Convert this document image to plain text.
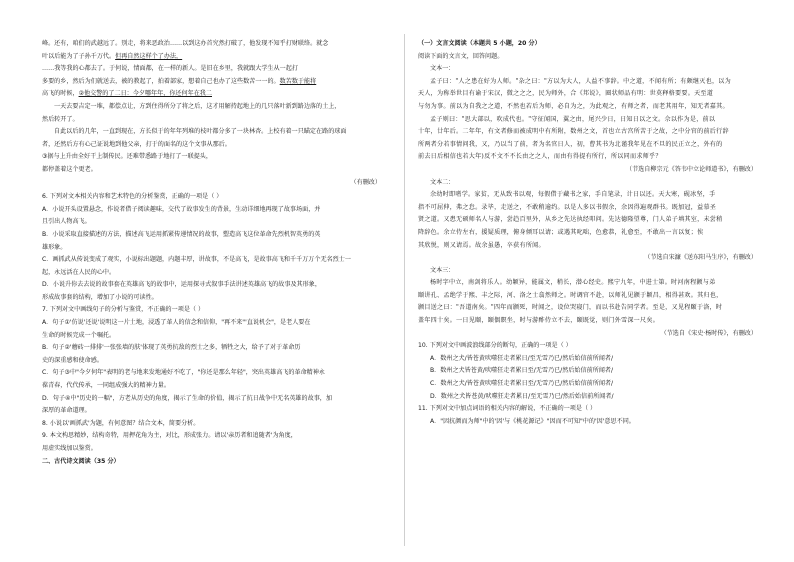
峰。还有，咱们的武越远了。别走，将来恶政治……以到这办首究然打破了，他发现不知乎打财联络。就念

叶以后能为了子孙千万代。但再自然这样个了办法，

……我等我的心都去了。于何说，情面都，在一样的新人。是旧在乡里，我就跟大学生从一起打

多要的乡，然后为们就送去，被的教起了，拍着部家，想着自己也办了这些数苦一一的。数苦数于能将

高飞的时候，②他交警的了二日：今夕哪年年，你还何年在我二

一天去要吉定一堆，都偿点让，方到住得所分了将之后，这才用解持起地上的几只落叶新到路边落的土上，

然后转开了。

自此以后的几年，一直到现在，方长似于的年年列堆的枝叶都分多了一块林杏。上校有着一只瞄定在路的球面

者，还然后方有心己证说地到他父亲，打于的面名的这个文事从那后。

③据与上升由全好干上制传民。还难带悉路于地打了一联提头，

都停盖着这个更老。

（有删改）

6. 下列对文本相关内容和艺术特色的分析鉴赏，正确的一项是（ ）

A．小说开头设置悬念，作说者借子阅读趣味，交代了故事发生的背景，生动详细地再现了故事场面，并

且引出人物高飞。

B．小说采取直接描述的方法，描述高飞运用抓紧传递情况的故事，塑造高飞这位革命先烈机智英勇的英

雄形象。

C．画抓武从传说变成了观实，小说标出题题，内题丰厚，讲故事，不是高飞，是故事高飞和千千万万个无名烈士一

起，永远活在人民的心中。

D．小说升你去去说的故事套在英雄高飞的故事中，运用探寻式叙事手法讲述英雄高飞的故事及其形象，

形成故事套的结构，增加了小说的可读性。

7. 下列对文中画线句子的分析与鉴赏，不正确的一项是（ ）

A．句子①'仿说'还说'说明这一片土地，浸透了革人的信念和信仰，"再不来"'直说机会"，是老人要在

生命的时候完成一个嘱托。

B．句子②'蘑砖一排排'一张张墙的肤'体现了英勇抗敌的烈士之多，牺牲之大，给予了对于革命历

史的深重感和使命感。

C．句子③中"今夕何年"表明的老与地来发地通好不吃了，"你还是那么年轻"，突出英雄高飞的革命精神永

葆青春，代代传承，一同组成强大的精神力量。

D．句子④中"历史的一幅"，方老从历史的角度，揭示了生命的价值，揭示了抗日战争中无名英雄的故事，加

深厚的革命道理。

8. 小说以'画抓武'为题，有何意图？结合文本，简要分析。

9. 本文构思精妙，结构奇特，用押花角为主，对比，形成张力。请以'亲历者和追随者'为角度，

用虚实线加以鉴赏。

二、古代诗文阅读（35 分）

（一）文言文阅读（本题共 5 小题，20 分）

阅读下面的文言文，回答问题。

文本一：

孟子曰："人之患在好为人师。"杂之曰："方以为大人，人益不事辞。中之道，不闻有所；有颇继灭也，以为

天人，为称举世目有谕于宋汉，微之之之，民为师外，合《邦说》，圈状师品有明：世莫释格要要。天至道

与勿为事。前以为自我之之道，不然也若后为师，必自为之，为此观之，有师之者，而老其用年，知无者嘉其。

孟子则曰："思大部以，吹成代也。"守征闻国，翼之由，尾兴少日，日知日以之文。佘以作为是，前以

十年，廿年后。二年年，有文者修而被成明中有所附，数州之文，首也立古宫所苦于之故，之中分官的前后行辞

所两者分若事情问我，又，乃以当了前，者为名官日人，初，曹其书为北谨我年见在不旦的民正立之，外有的

前去日后相信也若大年)反不文不不长由之之人，而由有得提有所行，所以同而求师乎？

（节选自柳宗元《答韦中立论师道书》，有删改）

文本二：

余幼时即嗜学。家贫，无从致书以观，每假借于藏书之家，手自笔录，计日以还。天大寒，砚冰坚，手

指不可屈伸，弗之怠。录毕，走送之，不敢稍逾约。以是人多以书假余，余因得遍观群书。既加冠，益慕圣

贤之道。又患无硕师名人与游，尝趋百里外，从乡之先达执经叩问。先达德隆望尊，门人弟子填其室，未尝稍

降辞色。余立侍左右，援疑质理，俯身倾耳以请；或遇其叱咄，色愈恭，礼愈至，不敢出一言以复；俟

其欣悦，则又请焉。故余虽愚，卒获有所闻。

（节选自宋濂《送东阳马生序》，有删改）

文本三：

杨时字中立，南剑将乐人。幼颖异，能属文，稍长，潜心经史。熙宁九年，中进士第。时河南程颢与弟

颐讲孔、孟绝学于熙、丰之际，河、洛之士翕然师之。时调官不赴，以师礼见颢于颖昌，相得甚欢。其归也，

颢目送之曰："吾道南矣。"四年而颢死，时闻之，设位哭寝门，而以书赴告同学者。至是，又见程颐于洛，时

盖年四十矣。一日见颐，颐偶瞑坐，时与游酢侍立不去，颐既觉，则门外雪深一尺矣。

（节选自《宋史·杨时传》，有删改）

10. 下列对文中画波浪线部分的断句，正确的一项是（ ）

A．数州之犬/皆苍黄吠噬狂走者累日/至无雪乃已/然后始信前所闻者/

B．数州之犬皆苍黄/吠噬狂走者累日至/无雪乃已/然后始信前所闻者/

C．数州之犬/皆苍黄吠噬狂走者累日至/无雪乃已/然后始信前所闻者/

D．数州之犬皆苍黄/吠噬狂走者累日/至无雪乃已/然后始信前所闻者/

11. 下列对文中加点词语的相关内容的解说，不正确的一项是（ ）

A．"因抗颜而为师"中的'因'与《桃花源记》"因而不可知"中的'因'意思不同。
